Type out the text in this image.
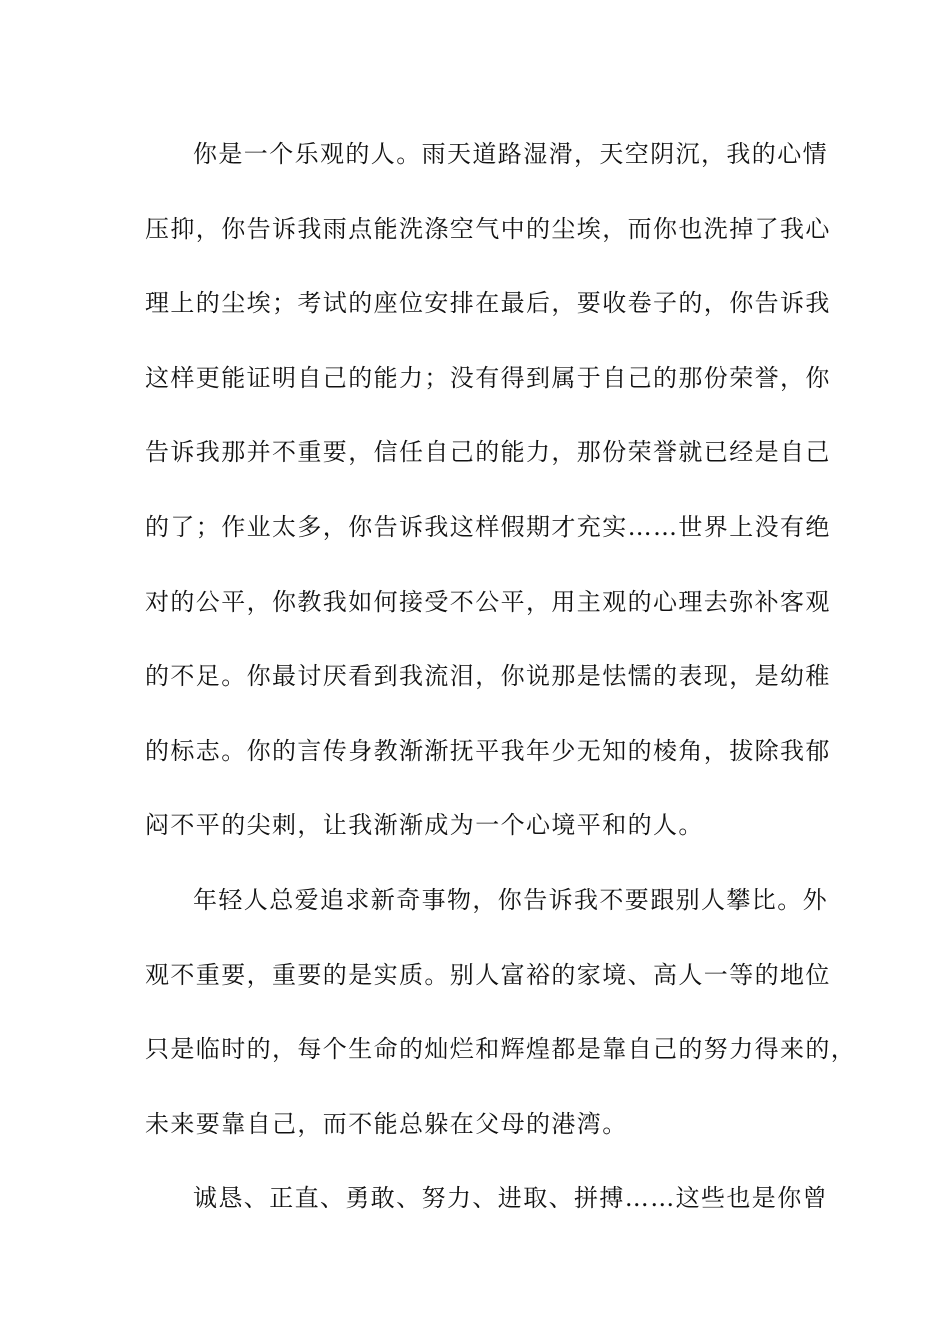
你是一个乐观的人。雨天道路湿滑，天空阴沉，我的心情
压抑，你告诉我雨点能洗涤空气中的尘埃，而你也洗掉了我心
理上的尘埃；考试的座位安排在最后，要收卷子的，你告诉我
这样更能证明自己的能力；没有得到属于自己的那份荣誉，你
告诉我那并不重要，信任自己的能力，那份荣誉就已经是自己
的了；作业太多，你告诉我这样假期才充实……世界上没有绝
对的公平，你教我如何接受不公平，用主观的心理去弥补客观
的不足。你最讨厌看到我流泪，你说那是怯懦的表现，是幼稚
的标志。你的言传身教渐渐抚平我年少无知的棱角，拔除我郁
闷不平的尖刺，让我渐渐成为一个心境平和的人。
年轻人总爱追求新奇事物，你告诉我不要跟别人攀比。外
观不重要，重要的是实质。别人富裕的家境、高人一等的地位
只是临时的，每个生命的灿烂和辉煌都是靠自己的努力得来的，
未来要靠自己，而不能总躲在父母的港湾。
诚恳、正直、勇敢、努力、进取、拼搏……这些也是你曾
